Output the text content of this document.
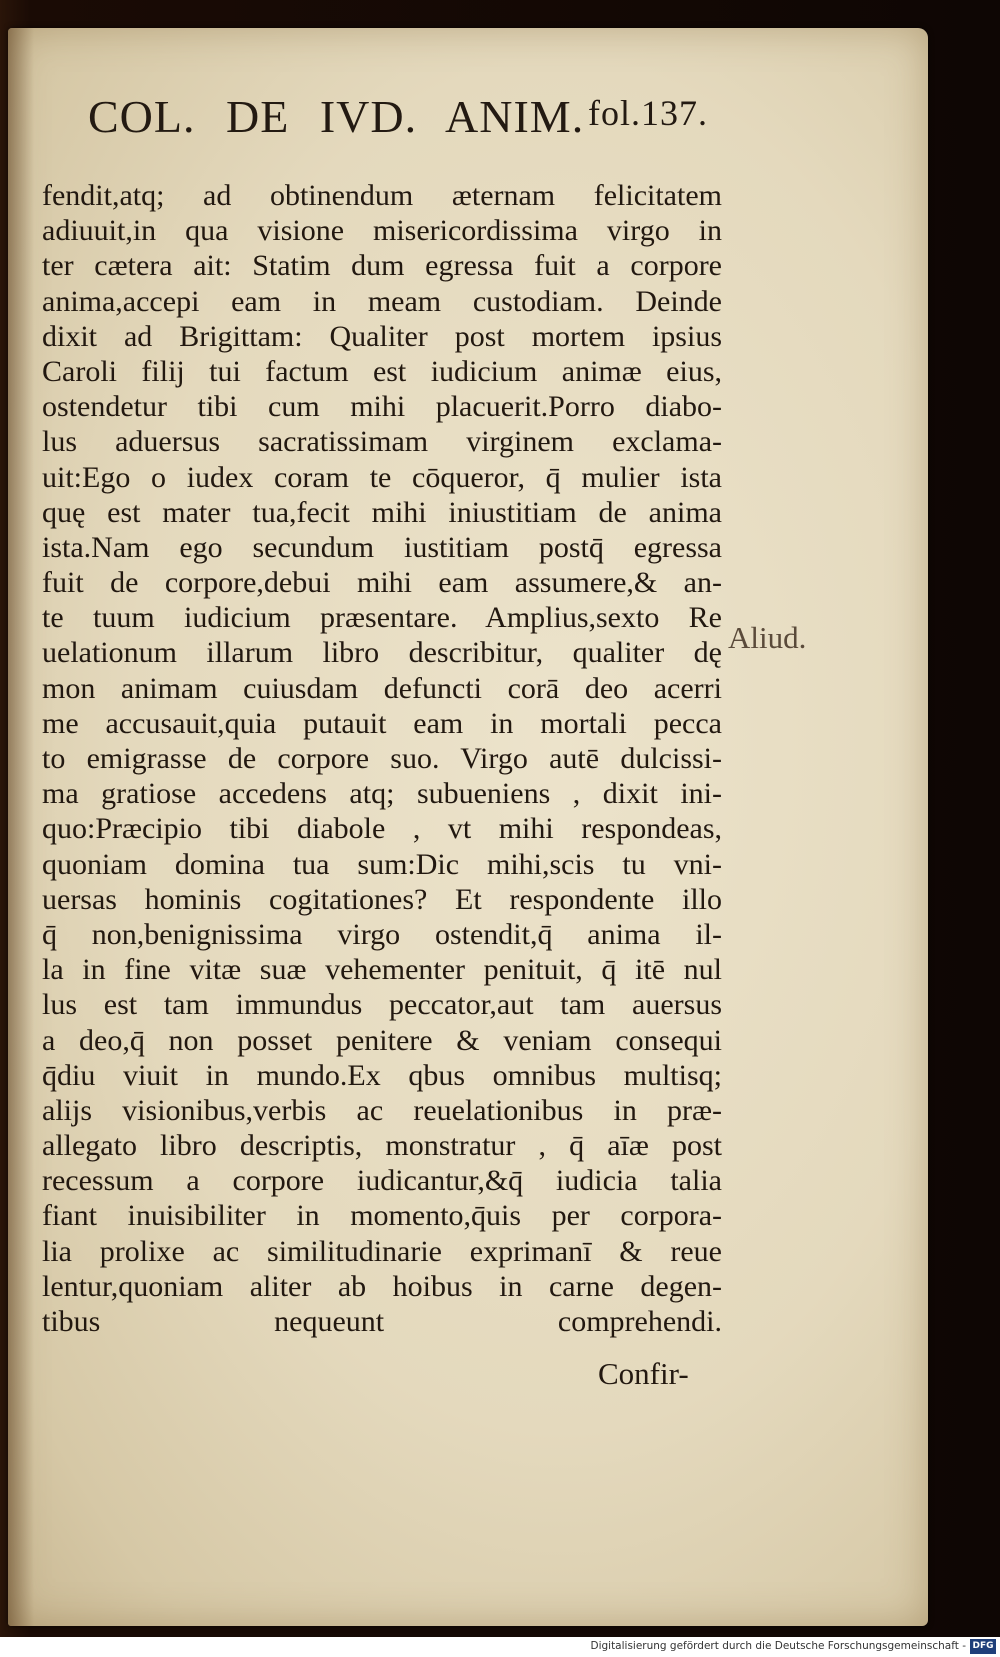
COL. DE IVD. ANIM. fol.137.
fendit,atq; ad obtinendum æternam felicitatem
adiuuit,in qua visione misericordissima virgo in
ter cætera ait: Statim dum egressa fuit a corpore
anima,accepi eam in meam custodiam. Deinde
dixit ad Brigittam: Qualiter post mortem ipsius
Caroli filij tui factum est iudicium animæ eius,
ostendetur tibi cum mihi placuerit.Porro diabo-
lus aduersus sacratissimam virginem exclama-
uit:Ego o iudex coram te cōqueror, q̄ mulier ista
quę est mater tua,fecit mihi iniustitiam de anima
ista.Nam ego secundum iustitiam postq̄ egressa
fuit de corpore,debui mihi eam assumere,& an-
te tuum iudicium præsentare. Amplius,sexto Re
uelationum illarum libro describitur, qualiter dę
mon animam cuiusdam defuncti corā deo acerri
me accusauit,quia putauit eam in mortali pecca
to emigrasse de corpore suo. Virgo autē dulcissi-
ma gratiose accedens atq; subueniens , dixit ini-
quo:Præcipio tibi diabole , vt mihi respondeas,
quoniam domina tua sum:Dic mihi,scis tu vni-
uersas hominis cogitationes? Et respondente illo
q̄ non,benignissima virgo ostendit,q̄ anima il-
la in fine vitæ suæ vehementer penituit, q̄ itē nul
lus est tam immundus peccator,aut tam auersus
a deo,q̄ non posset penitere & veniam consequi
q̄diu viuit in mundo.Ex qbus omnibus multisq;
alijs visionibus,verbis ac reuelationibus in præ-
allegato libro descriptis, monstratur , q̄ aīæ post
recessum a corpore iudicantur,&q̄ iudicia talia
fiant inuisibiliter in momento,q̄uis per corpora-
lia prolixe ac similitudinarie exprimanī & reue
lentur,quoniam aliter ab hoibus in carne degen-
tibus nequeunt comprehendi.
Aliud.
Confir-
Digitalisierung gefördert durch die Deutsche Forschungsgemeinschaft - DFG
